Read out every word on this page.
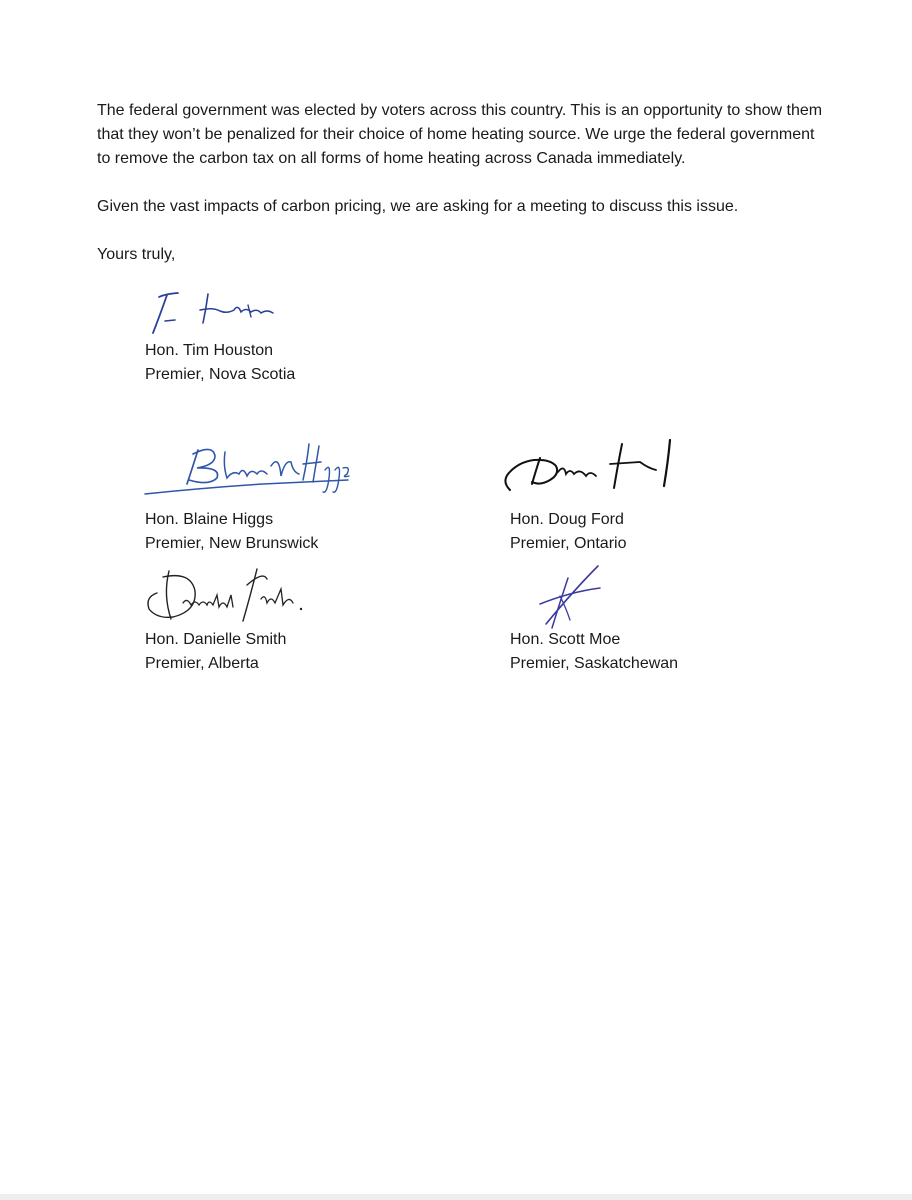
The federal government was elected by voters across this country. This is an opportunity to show them that they won’t be penalized for their choice of home heating source. We urge the federal government to remove the carbon tax on all forms of home heating across Canada immediately.

Given the vast impacts of carbon pricing, we are asking for a meeting to discuss this issue.

Yours truly,

Hon. Tim Houston
Premier, Nova Scotia
Hon. Blaine Higgs
Premier, New Brunswick
Hon. Doug Ford
Premier, Ontario
Hon. Danielle Smith
Premier, Alberta
Hon. Scott Moe
Premier, Saskatchewan
